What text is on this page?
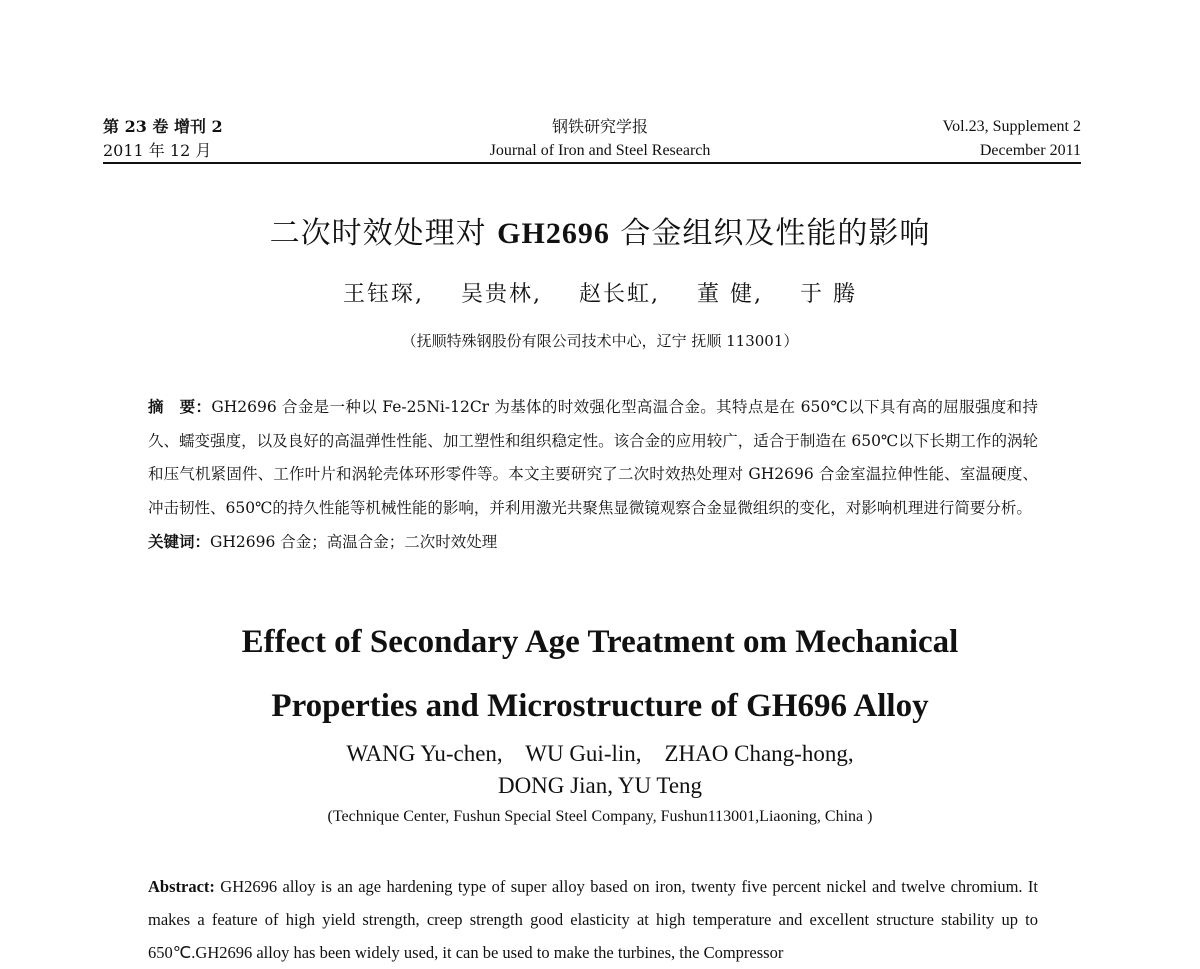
第 23 卷 增刊 2
2011 年 12 月
钢铁研究学报
Journal of Iron and Steel Research
Vol.23, Supplement 2
December 2011
二次时效处理对 GH2696 合金组织及性能的影响
王钰琛, 吴贵林, 赵长虹, 董 健, 于 腾
（抚顺特殊钢股份有限公司技术中心，辽宁 抚顺 113001）
摘　要：GH2696 合金是一种以 Fe-25Ni-12Cr 为基体的时效强化型高温合金。其特点是在 650℃以下具有高的屈服强度和持久、蠕变强度，以及良好的高温弹性性能、加工塑性和组织稳定性。该合金的应用较广，适合于制造在 650℃以下长期工作的涡轮和压气机紧固件、工作叶片和涡轮壳体环形零件等。本文主要研究了二次时效热处理对 GH2696 合金室温拉伸性能、室温硬度、冲击韧性、650℃的持久性能等机械性能的影响，并利用激光共聚焦显微镜观察合金显微组织的变化，对影响机理进行简要分析。
关键词：GH2696 合金；高温合金；二次时效处理
Effect of Secondary Age Treatment om Mechanical
Properties and Microstructure of GH696 Alloy
WANG Yu-chen,    WU Gui-lin,    ZHAO Chang-hong,
DONG Jian, YU Teng
(Technique Center, Fushun Special Steel Company, Fushun113001,Liaoning, China )
Abstract: GH2696 alloy is an age hardening type of super alloy based on iron, twenty five percent nickel and twelve chromium. It makes a feature of high yield strength, creep strength good elasticity at high temperature and excellent structure stability up to 650℃.GH2696 alloy has been widely used, it can be used to make the turbines, the Compressor
